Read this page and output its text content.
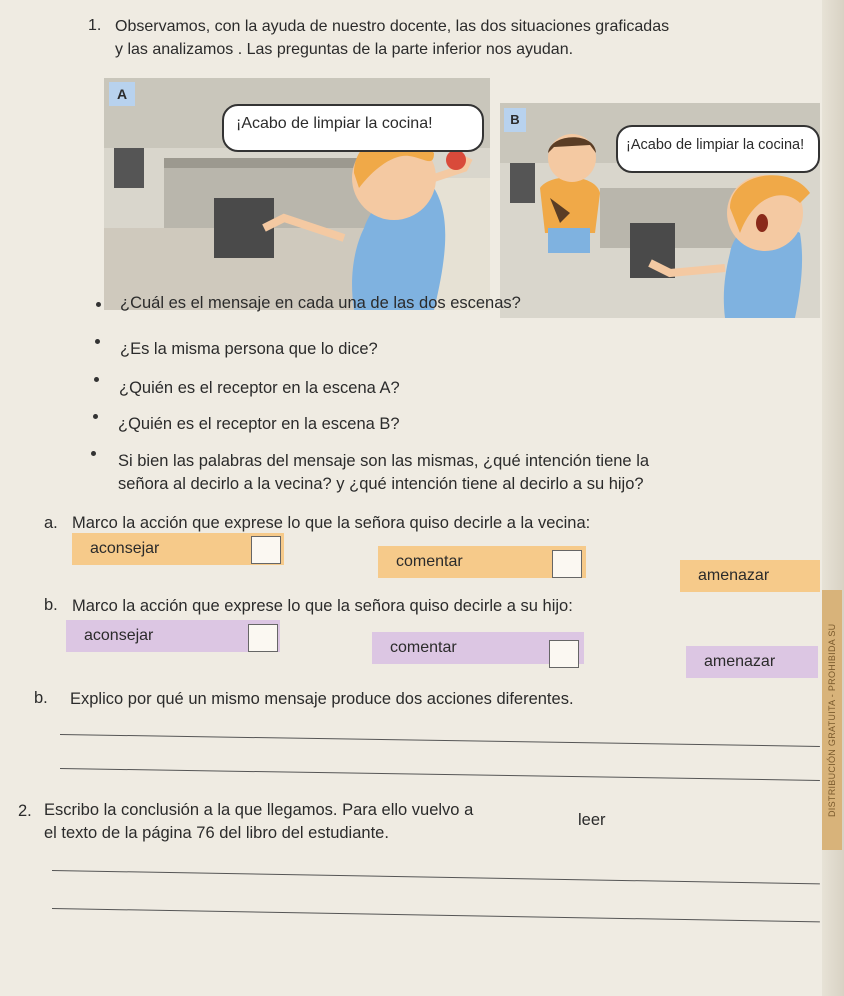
1. Observamos, con la ayuda de nuestro docente, las dos situaciones graficadas
y las analizamos . Las preguntas de la parte inferior nos ayudan.
A
¡Acabo de limpiar la cocina!	B
¡Acabo de limpiar la cocina!
¿Cuál es el mensaje en cada una de las dos escenas?
¿Es la misma persona que lo dice?
¿Quién es el receptor en la escena A?
¿Quién es el receptor en la escena B?
Si bien las palabras del mensaje son las mismas, ¿qué intención tiene la
señora al decirlo a la vecina? y ¿qué intención tiene al decirlo a su hijo?
a. Marco la acción que exprese lo que la señora quiso decirle a la vecina:
aconsejar
comentar
amenazar
b. Marco la acción que exprese lo que la señora quiso decirle a su hijo:
aconsejar
comentar
amenazar
b. Explico por qué un mismo mensaje produce dos acciones diferentes.
2. Escribo la conclusión a la que llegamos. Para ello vuelvo a
leer
el texto de la página 76 del libro del estudiante.
DISTRIBUCIÓN GRATUITA - PROHIBIDA SU
